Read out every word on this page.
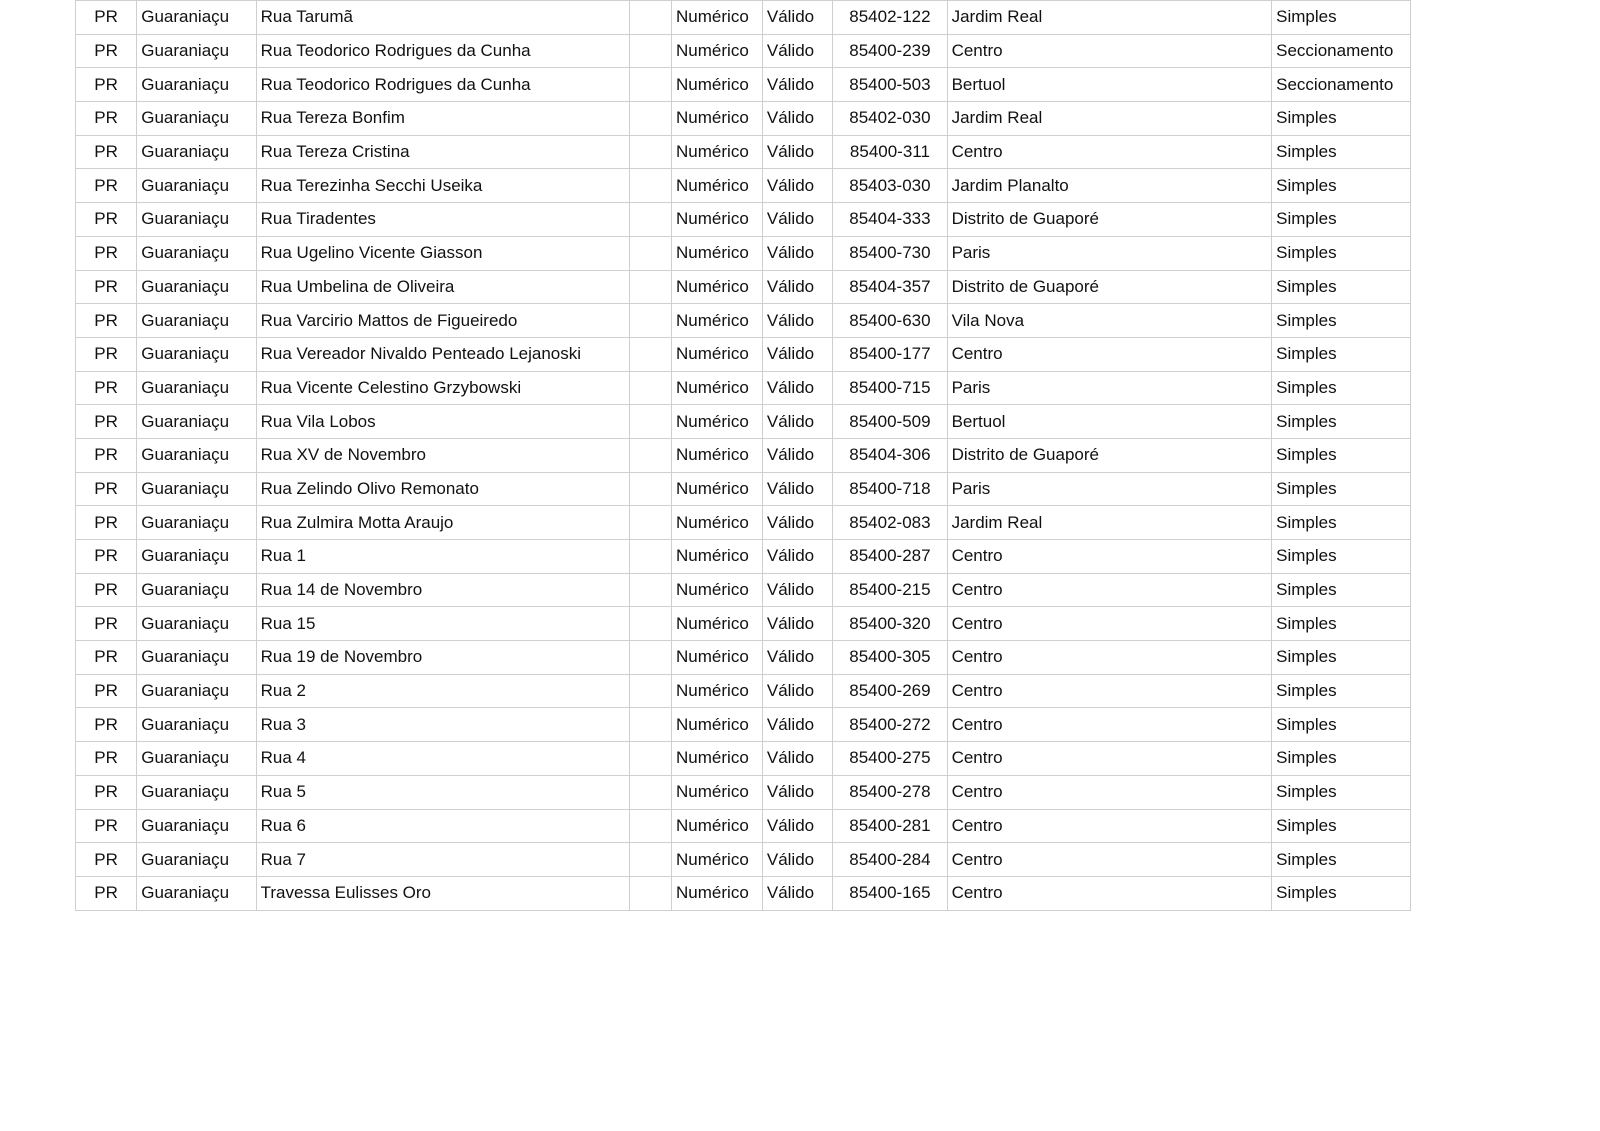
PR	Guaraniaçu	Rua Tarumã		Numérico	Válido	85402-122	Jardim Real	Simples
PR	Guaraniaçu	Rua Teodorico Rodrigues da Cunha		Numérico	Válido	85400-239	Centro	Seccionamento
PR	Guaraniaçu	Rua Teodorico Rodrigues da Cunha		Numérico	Válido	85400-503	Bertuol	Seccionamento
PR	Guaraniaçu	Rua Tereza Bonfim		Numérico	Válido	85402-030	Jardim Real	Simples
PR	Guaraniaçu	Rua Tereza Cristina		Numérico	Válido	85400-311	Centro	Simples
PR	Guaraniaçu	Rua Terezinha Secchi Useika		Numérico	Válido	85403-030	Jardim Planalto	Simples
PR	Guaraniaçu	Rua Tiradentes		Numérico	Válido	85404-333	Distrito de Guaporé	Simples
PR	Guaraniaçu	Rua Ugelino Vicente Giasson		Numérico	Válido	85400-730	Paris	Simples
PR	Guaraniaçu	Rua Umbelina de Oliveira		Numérico	Válido	85404-357	Distrito de Guaporé	Simples
PR	Guaraniaçu	Rua Varcirio Mattos de Figueiredo		Numérico	Válido	85400-630	Vila Nova	Simples
PR	Guaraniaçu	Rua Vereador Nivaldo Penteado Lejanoski		Numérico	Válido	85400-177	Centro	Simples
PR	Guaraniaçu	Rua Vicente Celestino Grzybowski		Numérico	Válido	85400-715	Paris	Simples
PR	Guaraniaçu	Rua Vila Lobos		Numérico	Válido	85400-509	Bertuol	Simples
PR	Guaraniaçu	Rua XV de Novembro		Numérico	Válido	85404-306	Distrito de Guaporé	Simples
PR	Guaraniaçu	Rua Zelindo Olivo Remonato		Numérico	Válido	85400-718	Paris	Simples
PR	Guaraniaçu	Rua Zulmira Motta Araujo		Numérico	Válido	85402-083	Jardim Real	Simples
PR	Guaraniaçu	Rua 1		Numérico	Válido	85400-287	Centro	Simples
PR	Guaraniaçu	Rua 14 de Novembro		Numérico	Válido	85400-215	Centro	Simples
PR	Guaraniaçu	Rua 15		Numérico	Válido	85400-320	Centro	Simples
PR	Guaraniaçu	Rua 19 de Novembro		Numérico	Válido	85400-305	Centro	Simples
PR	Guaraniaçu	Rua 2		Numérico	Válido	85400-269	Centro	Simples
PR	Guaraniaçu	Rua 3		Numérico	Válido	85400-272	Centro	Simples
PR	Guaraniaçu	Rua 4		Numérico	Válido	85400-275	Centro	Simples
PR	Guaraniaçu	Rua 5		Numérico	Válido	85400-278	Centro	Simples
PR	Guaraniaçu	Rua 6		Numérico	Válido	85400-281	Centro	Simples
PR	Guaraniaçu	Rua 7		Numérico	Válido	85400-284	Centro	Simples
PR	Guaraniaçu	Travessa Eulisses Oro		Numérico	Válido	85400-165	Centro	Simples
